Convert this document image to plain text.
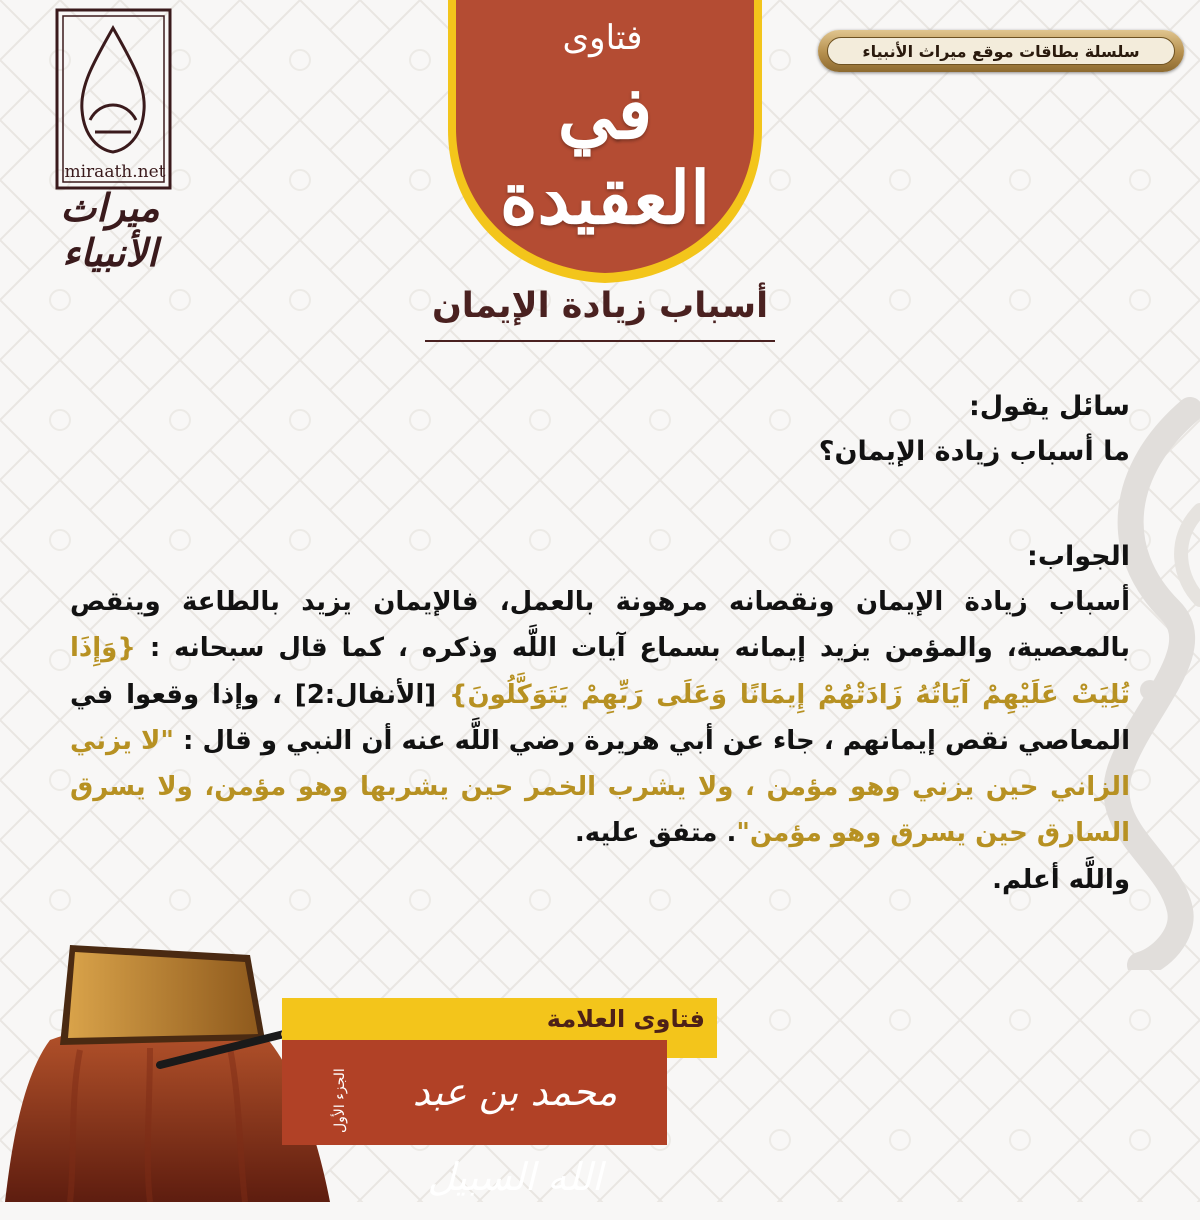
سلسلة بطاقات موقع ميراث الأنبياء
فتاوى
في العقيدة
miraath.net
ميراث الأنبياء
أسباب زيادة الإيمان
سائل يقول:
ما أسباب زيادة الإيمان؟
الجواب:
أسباب زيادة الإيمان ونقصانه مرهونة بالعمل، فالإيمان يزيد بالطاعة وينقص بالمعصية، والمؤمن يزيد إيمانه بسماع آيات اللَّه وذكره ، كما قال سبحانه : {وَإِذَا تُلِيَتْ عَلَيْهِمْ آيَاتُهُ زَادَتْهُمْ إِيمَانًا وَعَلَى رَبِّهِمْ يَتَوَكَّلُونَ} [الأنفال:2] ، وإذا وقعوا في المعاصي نقص إيمانهم ، جاء عن أبي هريرة رضي اللَّه عنه أن النبي و قال : "لا يزني الزاني حين يزني وهو مؤمن ، ولا يشرب الخمر حين يشربها وهو مؤمن، ولا يسرق السارق حين يسرق وهو مؤمن". متفق عليه.
واللَّه أعلم.
فتاوى العلامة
محمد بن عبد الله السبيل
الجزء الأول
